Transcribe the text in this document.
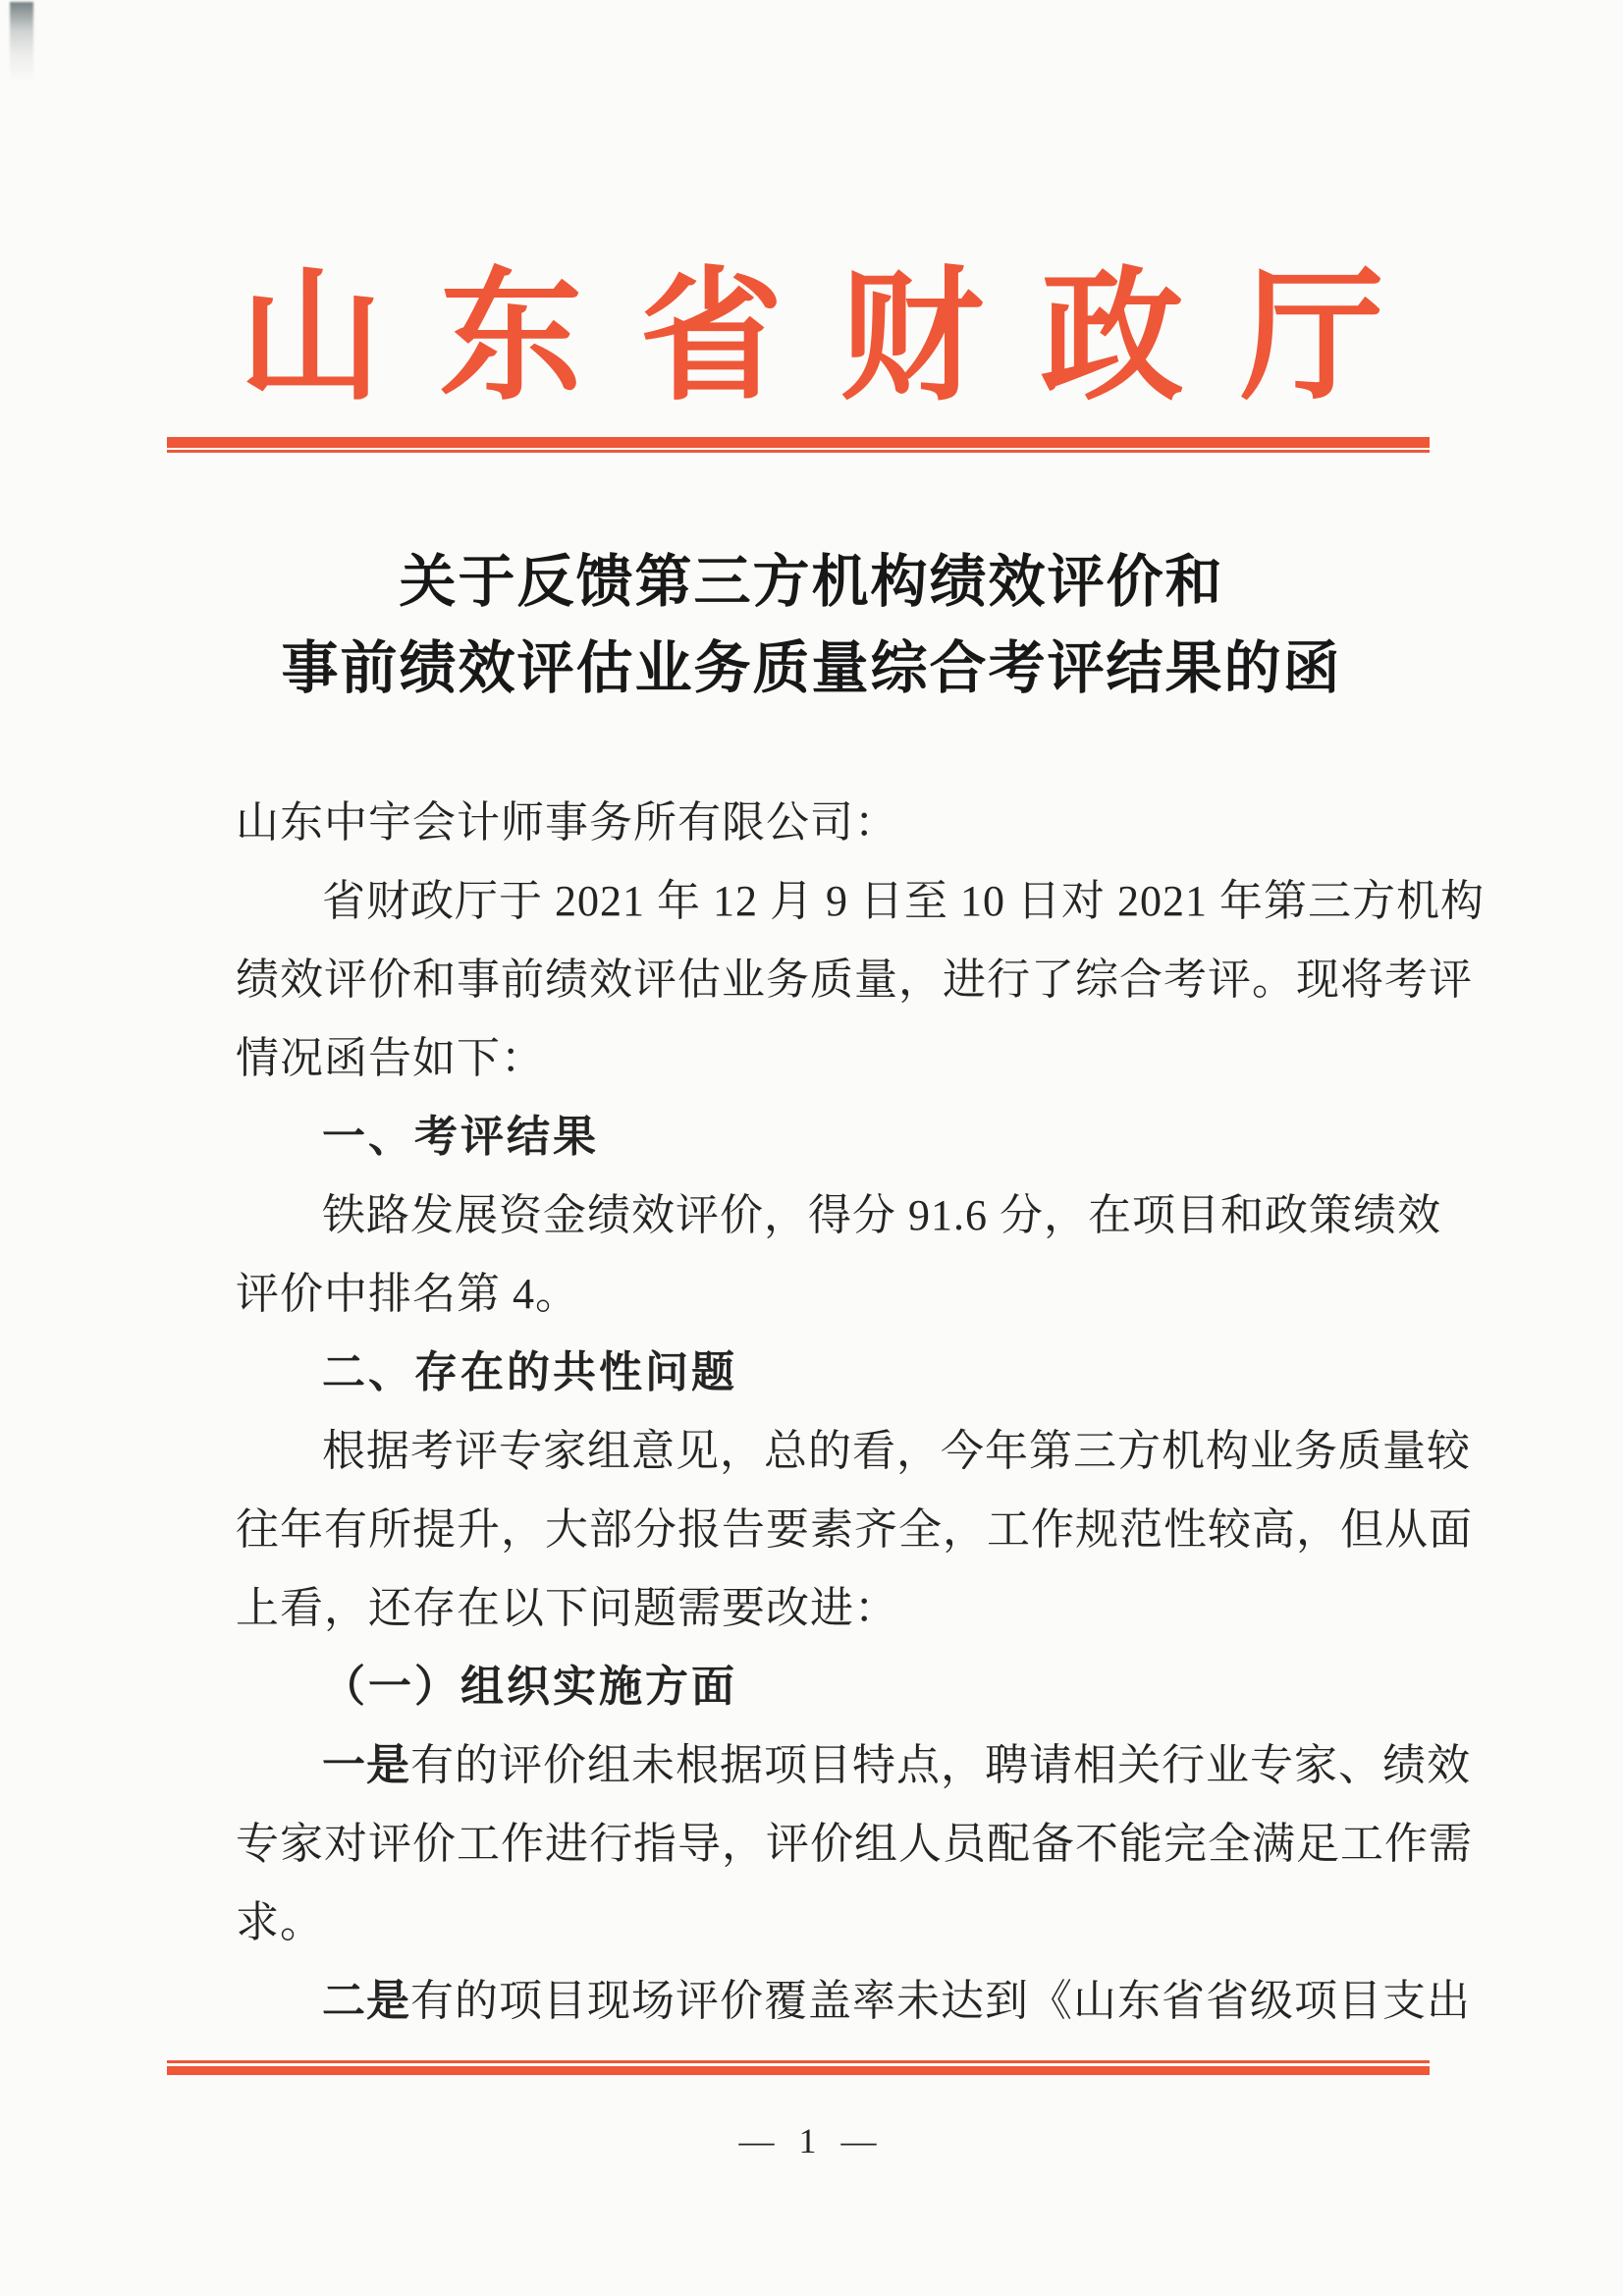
山东省财政厅
关于反馈第三方机构绩效评价和
事前绩效评估业务质量综合考评结果的函
山东中宇会计师事务所有限公司：
省财政厅于 2021 年 12 月 9 日至 10 日对 2021 年第三方机构
绩效评价和事前绩效评估业务质量，进行了综合考评。现将考评
情况函告如下：
一、考评结果
铁路发展资金绩效评价，得分 91.6 分，在项目和政策绩效
评价中排名第 4。
二、存在的共性问题
根据考评专家组意见，总的看，今年第三方机构业务质量较
往年有所提升，大部分报告要素齐全，工作规范性较高，但从面
上看，还存在以下问题需要改进：
（一）组织实施方面
一是有的评价组未根据项目特点，聘请相关行业专家、绩效
专家对评价工作进行指导，评价组人员配备不能完全满足工作需
求。
二是有的项目现场评价覆盖率未达到《山东省省级项目支出
— 1 —
